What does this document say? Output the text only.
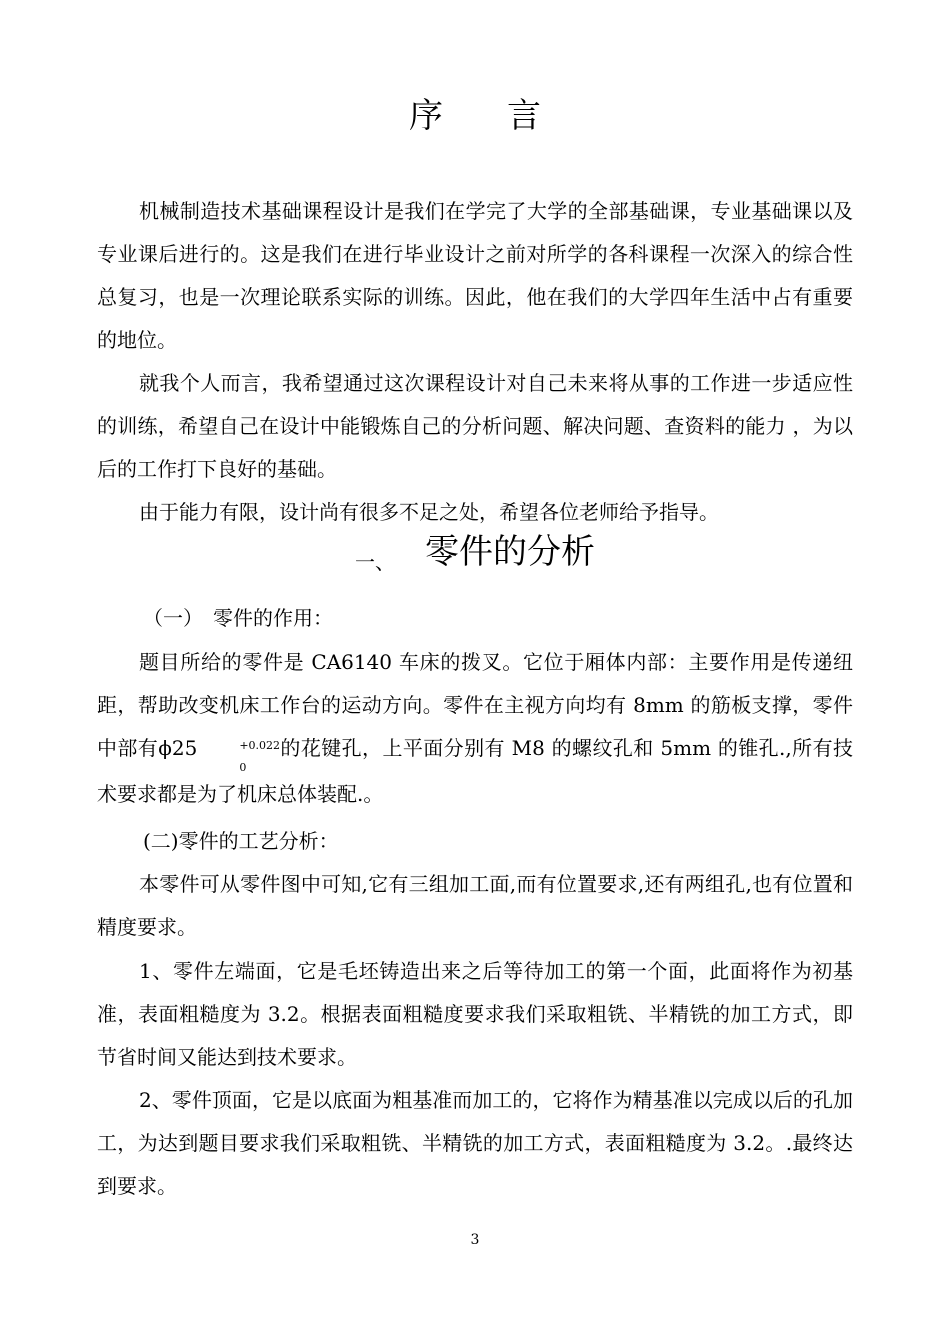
序言

机械制造技术基础课程设计是我们在学完了大学的全部基础课，专业基础课以及专业课后进行的。这是我们在进行毕业设计之前对所学的各科课程一次深入的综合性总复习，也是一次理论联系实际的训练。因此，他在我们的大学四年生活中占有重要的地位。

就我个人而言，我希望通过这次课程设计对自己未来将从事的工作进一步适应性的训练，希望自己在设计中能锻炼自己的分析问题、解决问题、查资料的能力 ，为以后的工作打下良好的基础。

由于能力有限，设计尚有很多不足之处，希望各位老师给予指导。

一、 零件的分析
（一）　零件的作用：

题目所给的零件是 CA6140 车床的拨叉。它位于厢体内部：主要作用是传递纽距，帮助改变机床工作台的运动方向。零件在主视方向均有 8mm 的筋板支撑，零件中部有ϕ25	+0.022
0
的花键孔，上平面分别有 M8 的螺纹孔和 5mm 的锥孔.,所有技术要求都是为了机床总体装配.。

(二)零件的工艺分析：

本零件可从零件图中可知,它有三组加工面,而有位置要求,还有两组孔,也有位置和精度要求。

1、零件左端面，它是毛坯铸造出来之后等待加工的第一个面，此面将作为初基准，表面粗糙度为 3.2。根据表面粗糙度要求我们采取粗铣、半精铣的加工方式，即节省时间又能达到技术要求。

2、零件顶面，它是以底面为粗基准而加工的，它将作为精基准以完成以后的孔加工，为达到题目要求我们采取粗铣、半精铣的加工方式，表面粗糙度为 3.2。.最终达到要求。

3
